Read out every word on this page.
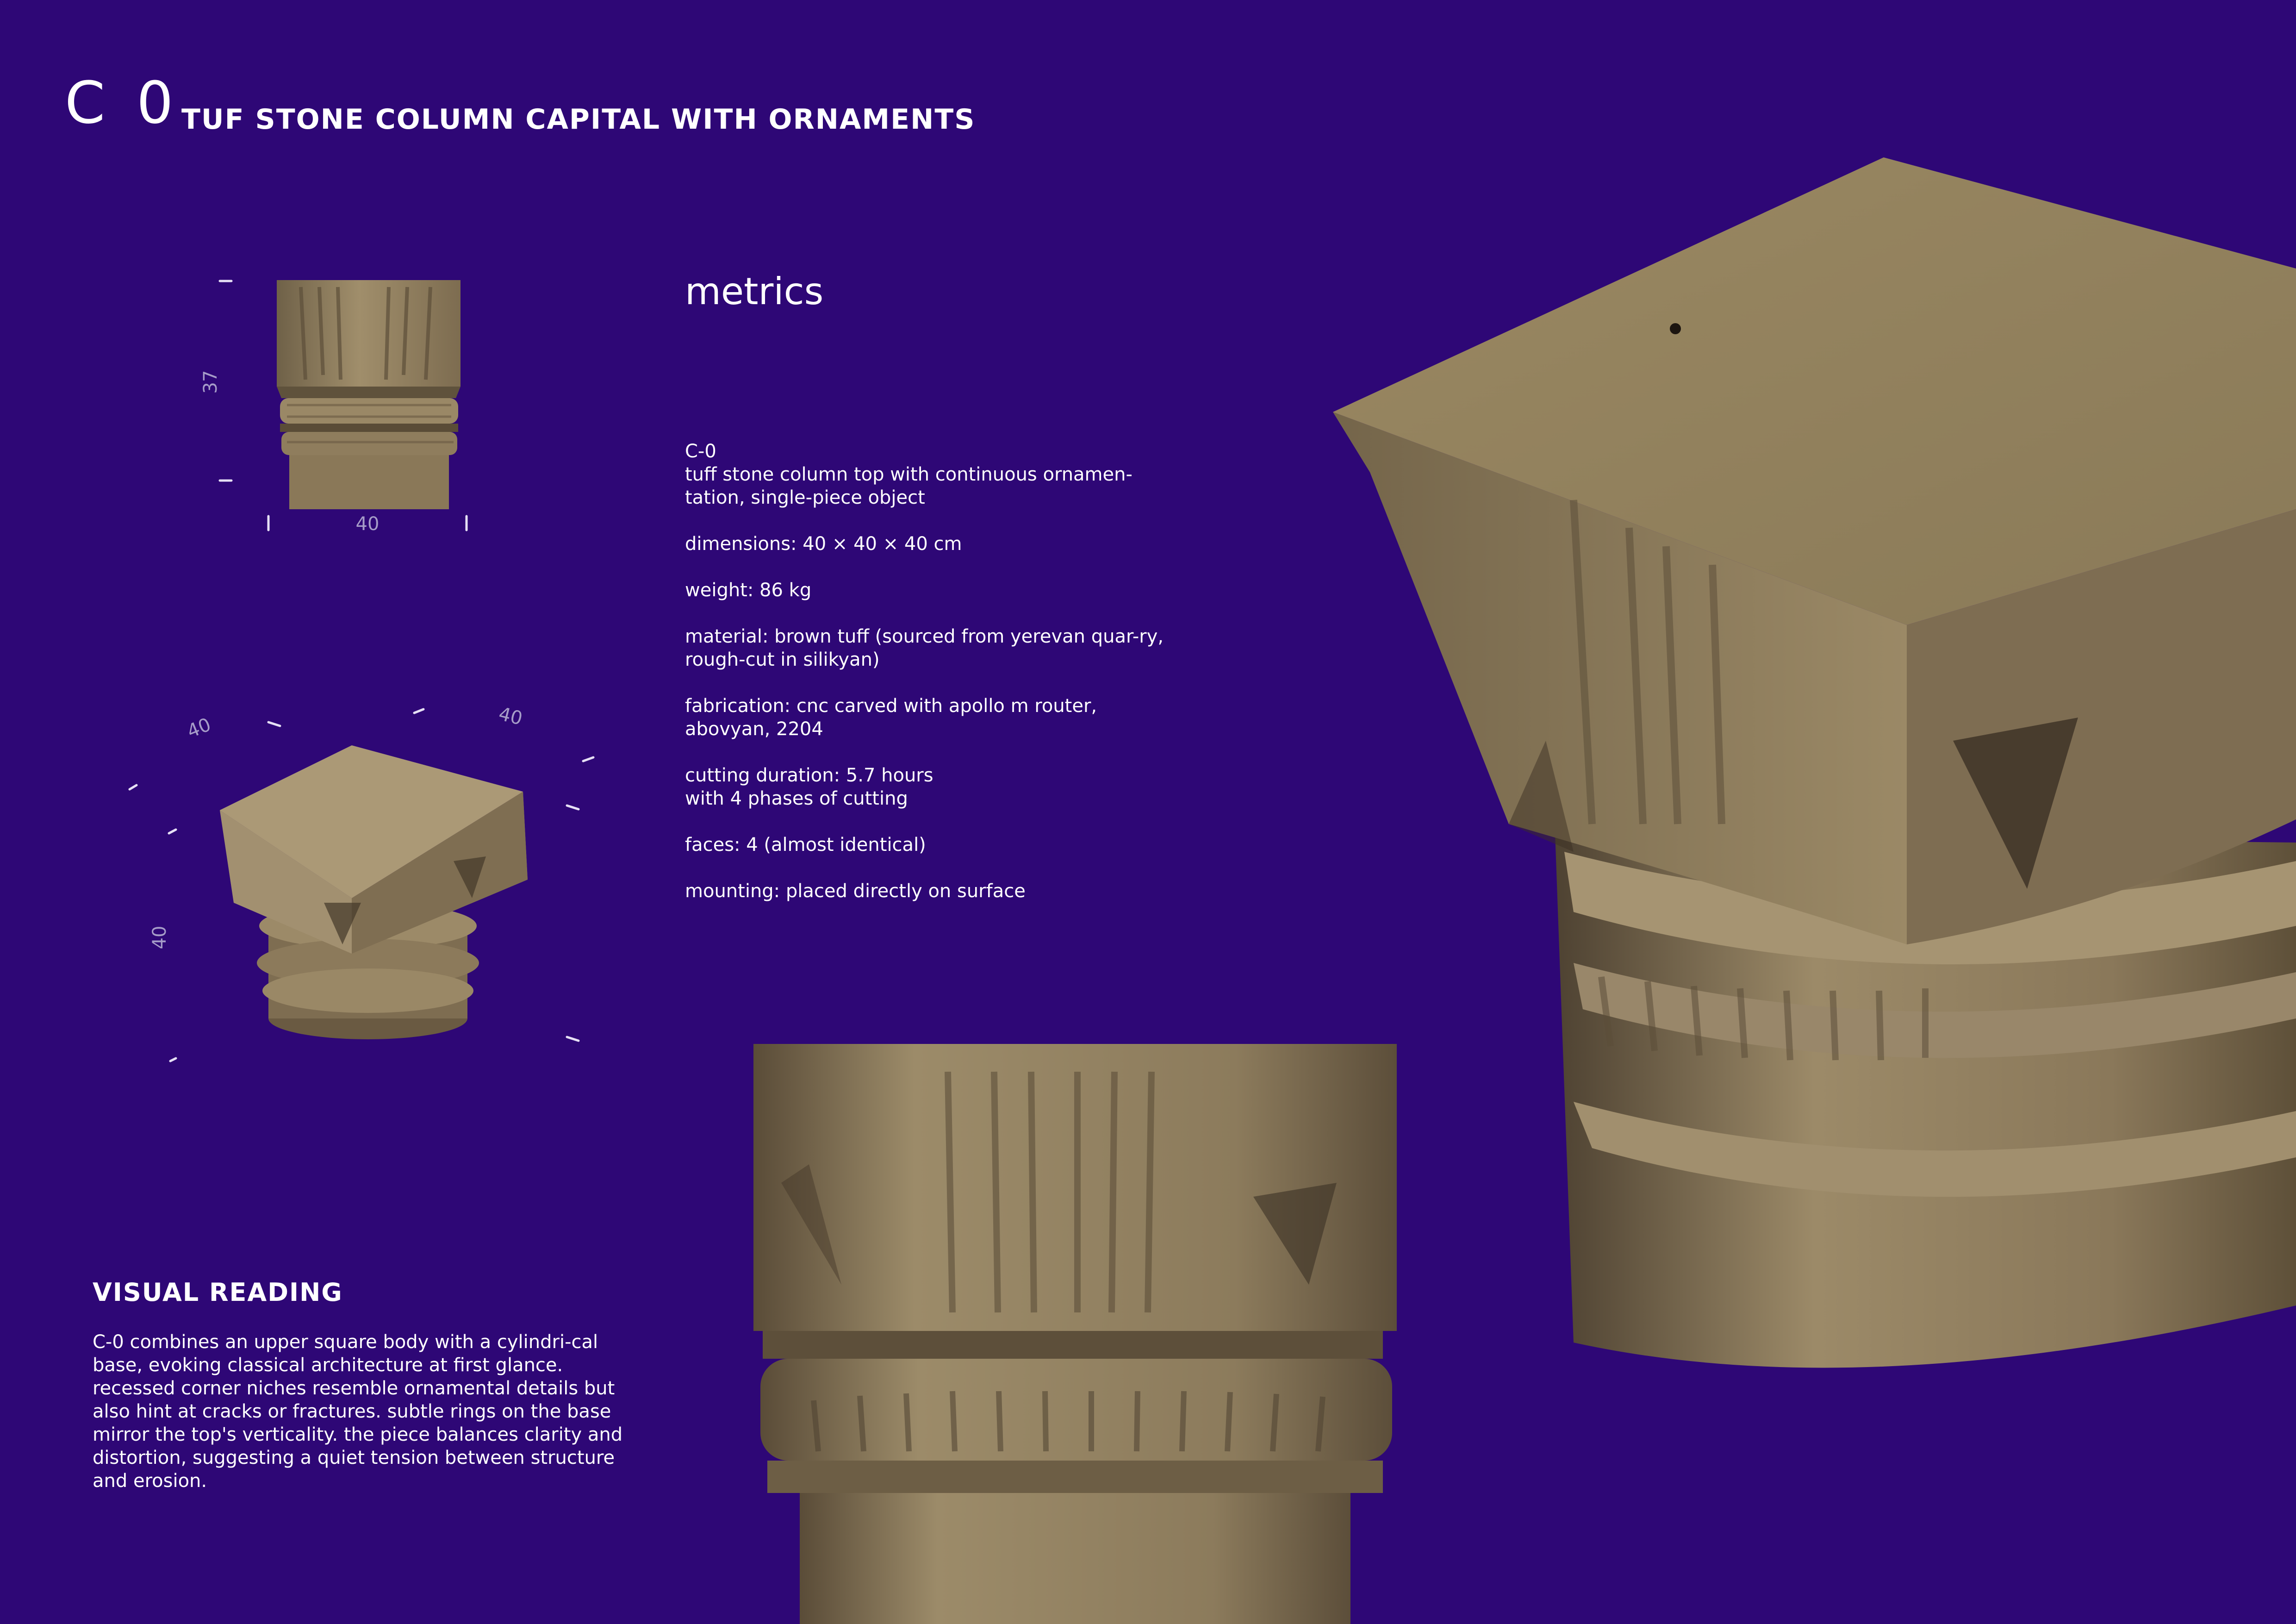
C 0 TUF STONE COLUMN CAPITAL WITH ORNAMENTS
37
40
40	40
40
metrics

C-0
tuff stone column top with continuous ornamen-tation, single-piece object

dimensions: 40 × 40 × 40 cm

weight: 86 kg

material: brown tuff (sourced from yerevan quar-ry, rough-cut in silikyan)

fabrication: cnc carved with apollo m router, abovyan, 2204

cutting duration: 5.7 hours
with 4 phases of cutting

faces: 4 (almost identical)

mounting: placed directly on surface

VISUAL READING

C-0 combines an upper square body with a cylindri-cal base, evoking classical architecture at first glance. recessed corner niches resemble ornamental details but also hint at cracks or fractures. subtle rings on the base mirror the top's verticality. the piece balances clarity and distortion, suggesting a quiet tension between structure and erosion.
